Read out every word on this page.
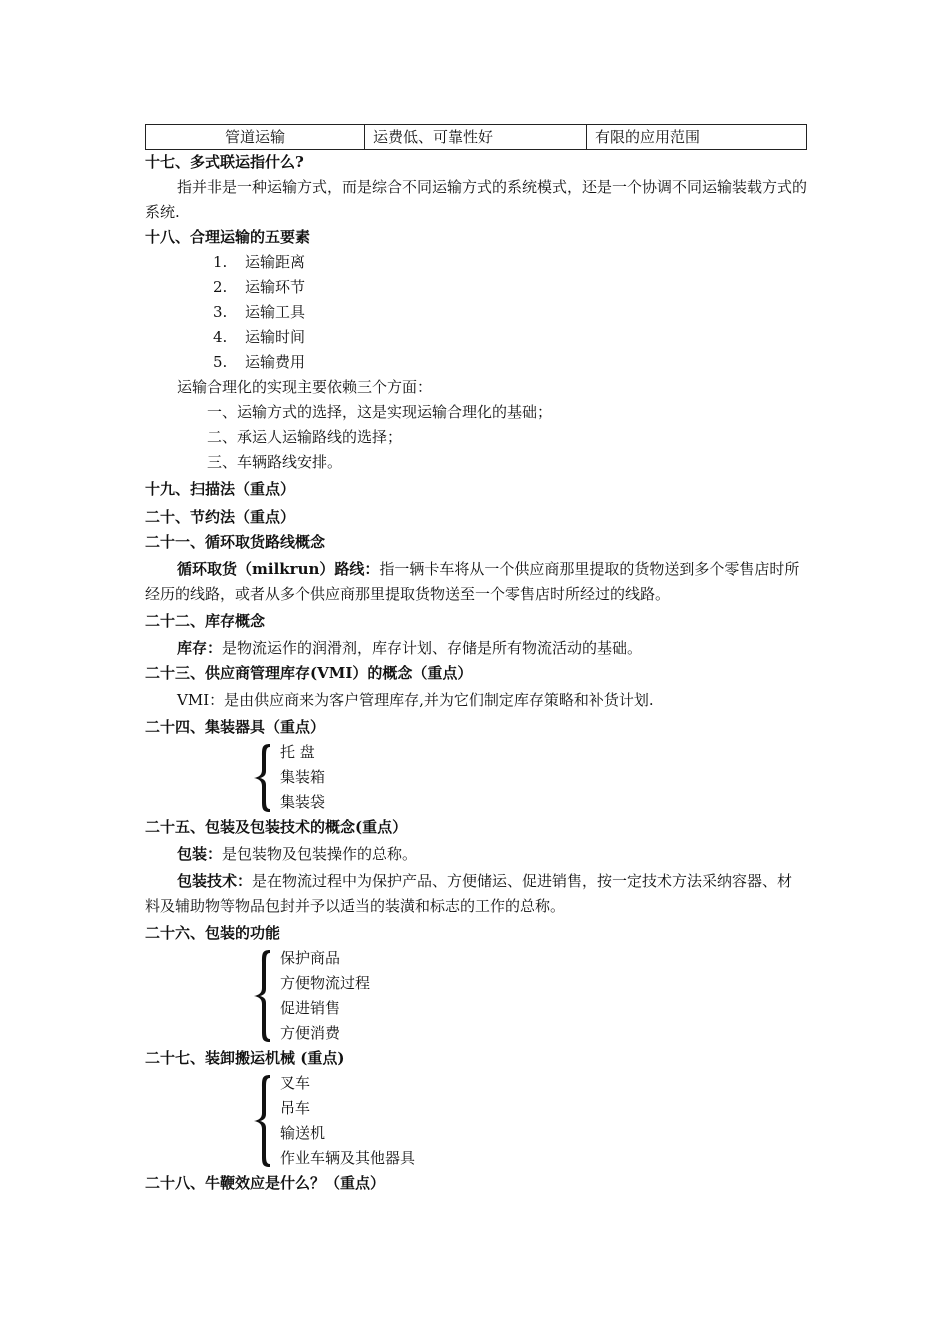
管道运输	运费低、可靠性好	有限的应用范围

十七、多式联运指什么?

指并非是一种运输方式，而是综合不同运输方式的系统模式，还是一个协调不同运输装载方式的系统.

十八、合理运输的五要素

1. 运输距离
2. 运输环节
3. 运输工具
4. 运输时间
5. 运输费用

运输合理化的实现主要依赖三个方面：

一、运输方式的选择，这是实现运输合理化的基础；

二、承运人运输路线的选择；

三、车辆路线安排。

十九、扫描法（重点）

二十、节约法（重点）

二十一、循环取货路线概念

循环取货（milkrun）路线：指一辆卡车将从一个供应商那里提取的货物送到多个零售店时所经历的线路，或者从多个供应商那里提取货物送至一个零售店时所经过的线路。

二十二、库存概念

库存：是物流运作的润滑剂，库存计划、存储是所有物流活动的基础。

二十三、供应商管理库存(VMI）的概念（重点）

VMI：是由供应商来为客户管理库存,并为它们制定库存策略和补货计划.

二十四、集装器具（重点）

托 盘

集装箱

集装袋

二十五、包装及包装技术的概念(重点）

包装：是包装物及包装操作的总称。

包装技术：是在物流过程中为保护产品、方便储运、促进销售，按一定技术方法采纳容器、材料及辅助物等物品包封并予以适当的装潢和标志的工作的总称。

二十六、包装的功能

保护商品

方便物流过程

促进销售

方便消费

二十七、装卸搬运机械 (重点)

叉车

吊车

输送机

作业车辆及其他器具

二十八、牛鞭效应是什么？（重点）
